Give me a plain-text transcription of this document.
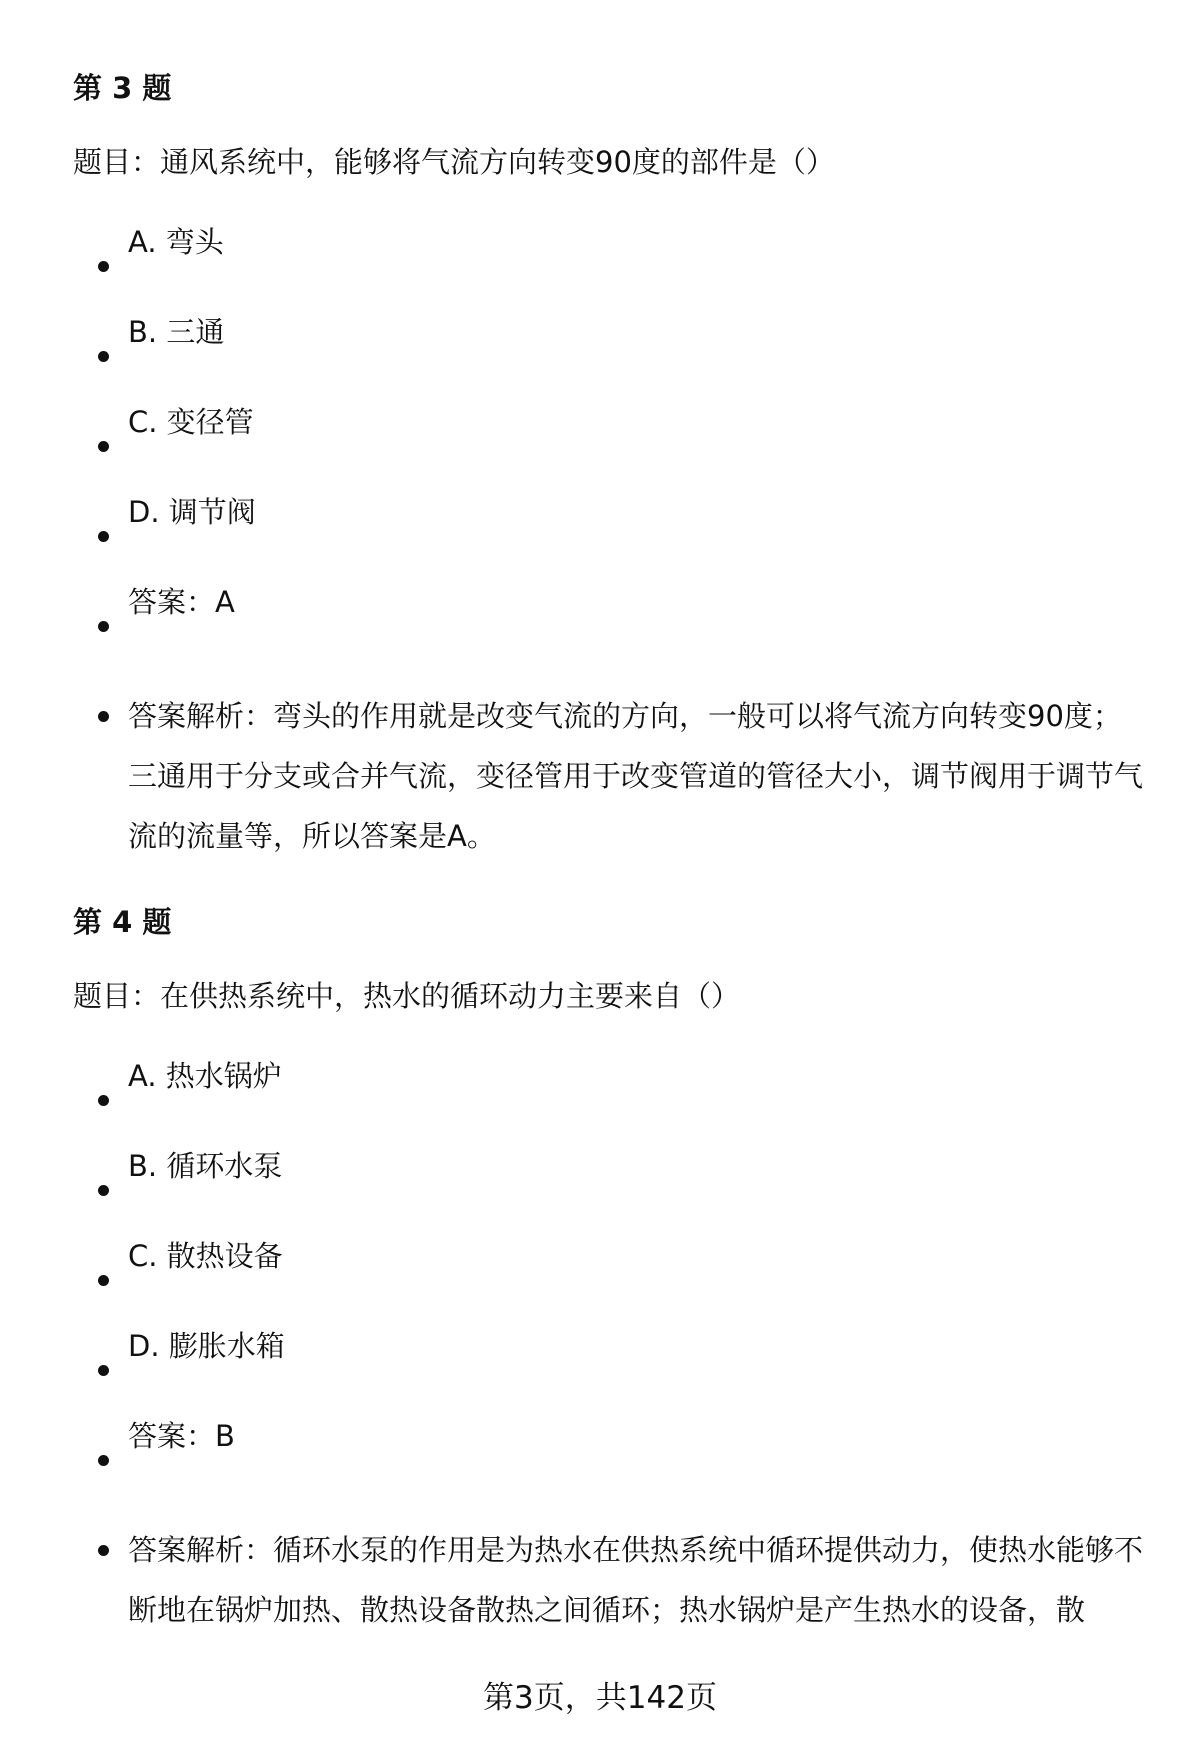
第 3 题

题目：通风系统中，能够将气流方向转变90度的部件是（）

A. 弯头

B. 三通

C. 变径管

D. 调节阀

答案：A

答案解析：弯头的作用就是改变气流的方向，一般可以将气流方向转变90度；三通用于分支或合并气流，变径管用于改变管道的管径大小，调节阀用于调节气流的流量等，所以答案是A。

第 4 题

题目：在供热系统中，热水的循环动力主要来自（）

A. 热水锅炉

B. 循环水泵

C. 散热设备

D. 膨胀水箱

答案：B

答案解析：循环水泵的作用是为热水在供热系统中循环提供动力，使热水能够不断地在锅炉加热、散热设备散热之间循环；热水锅炉是产生热水的设备，散

第3页，共142页
